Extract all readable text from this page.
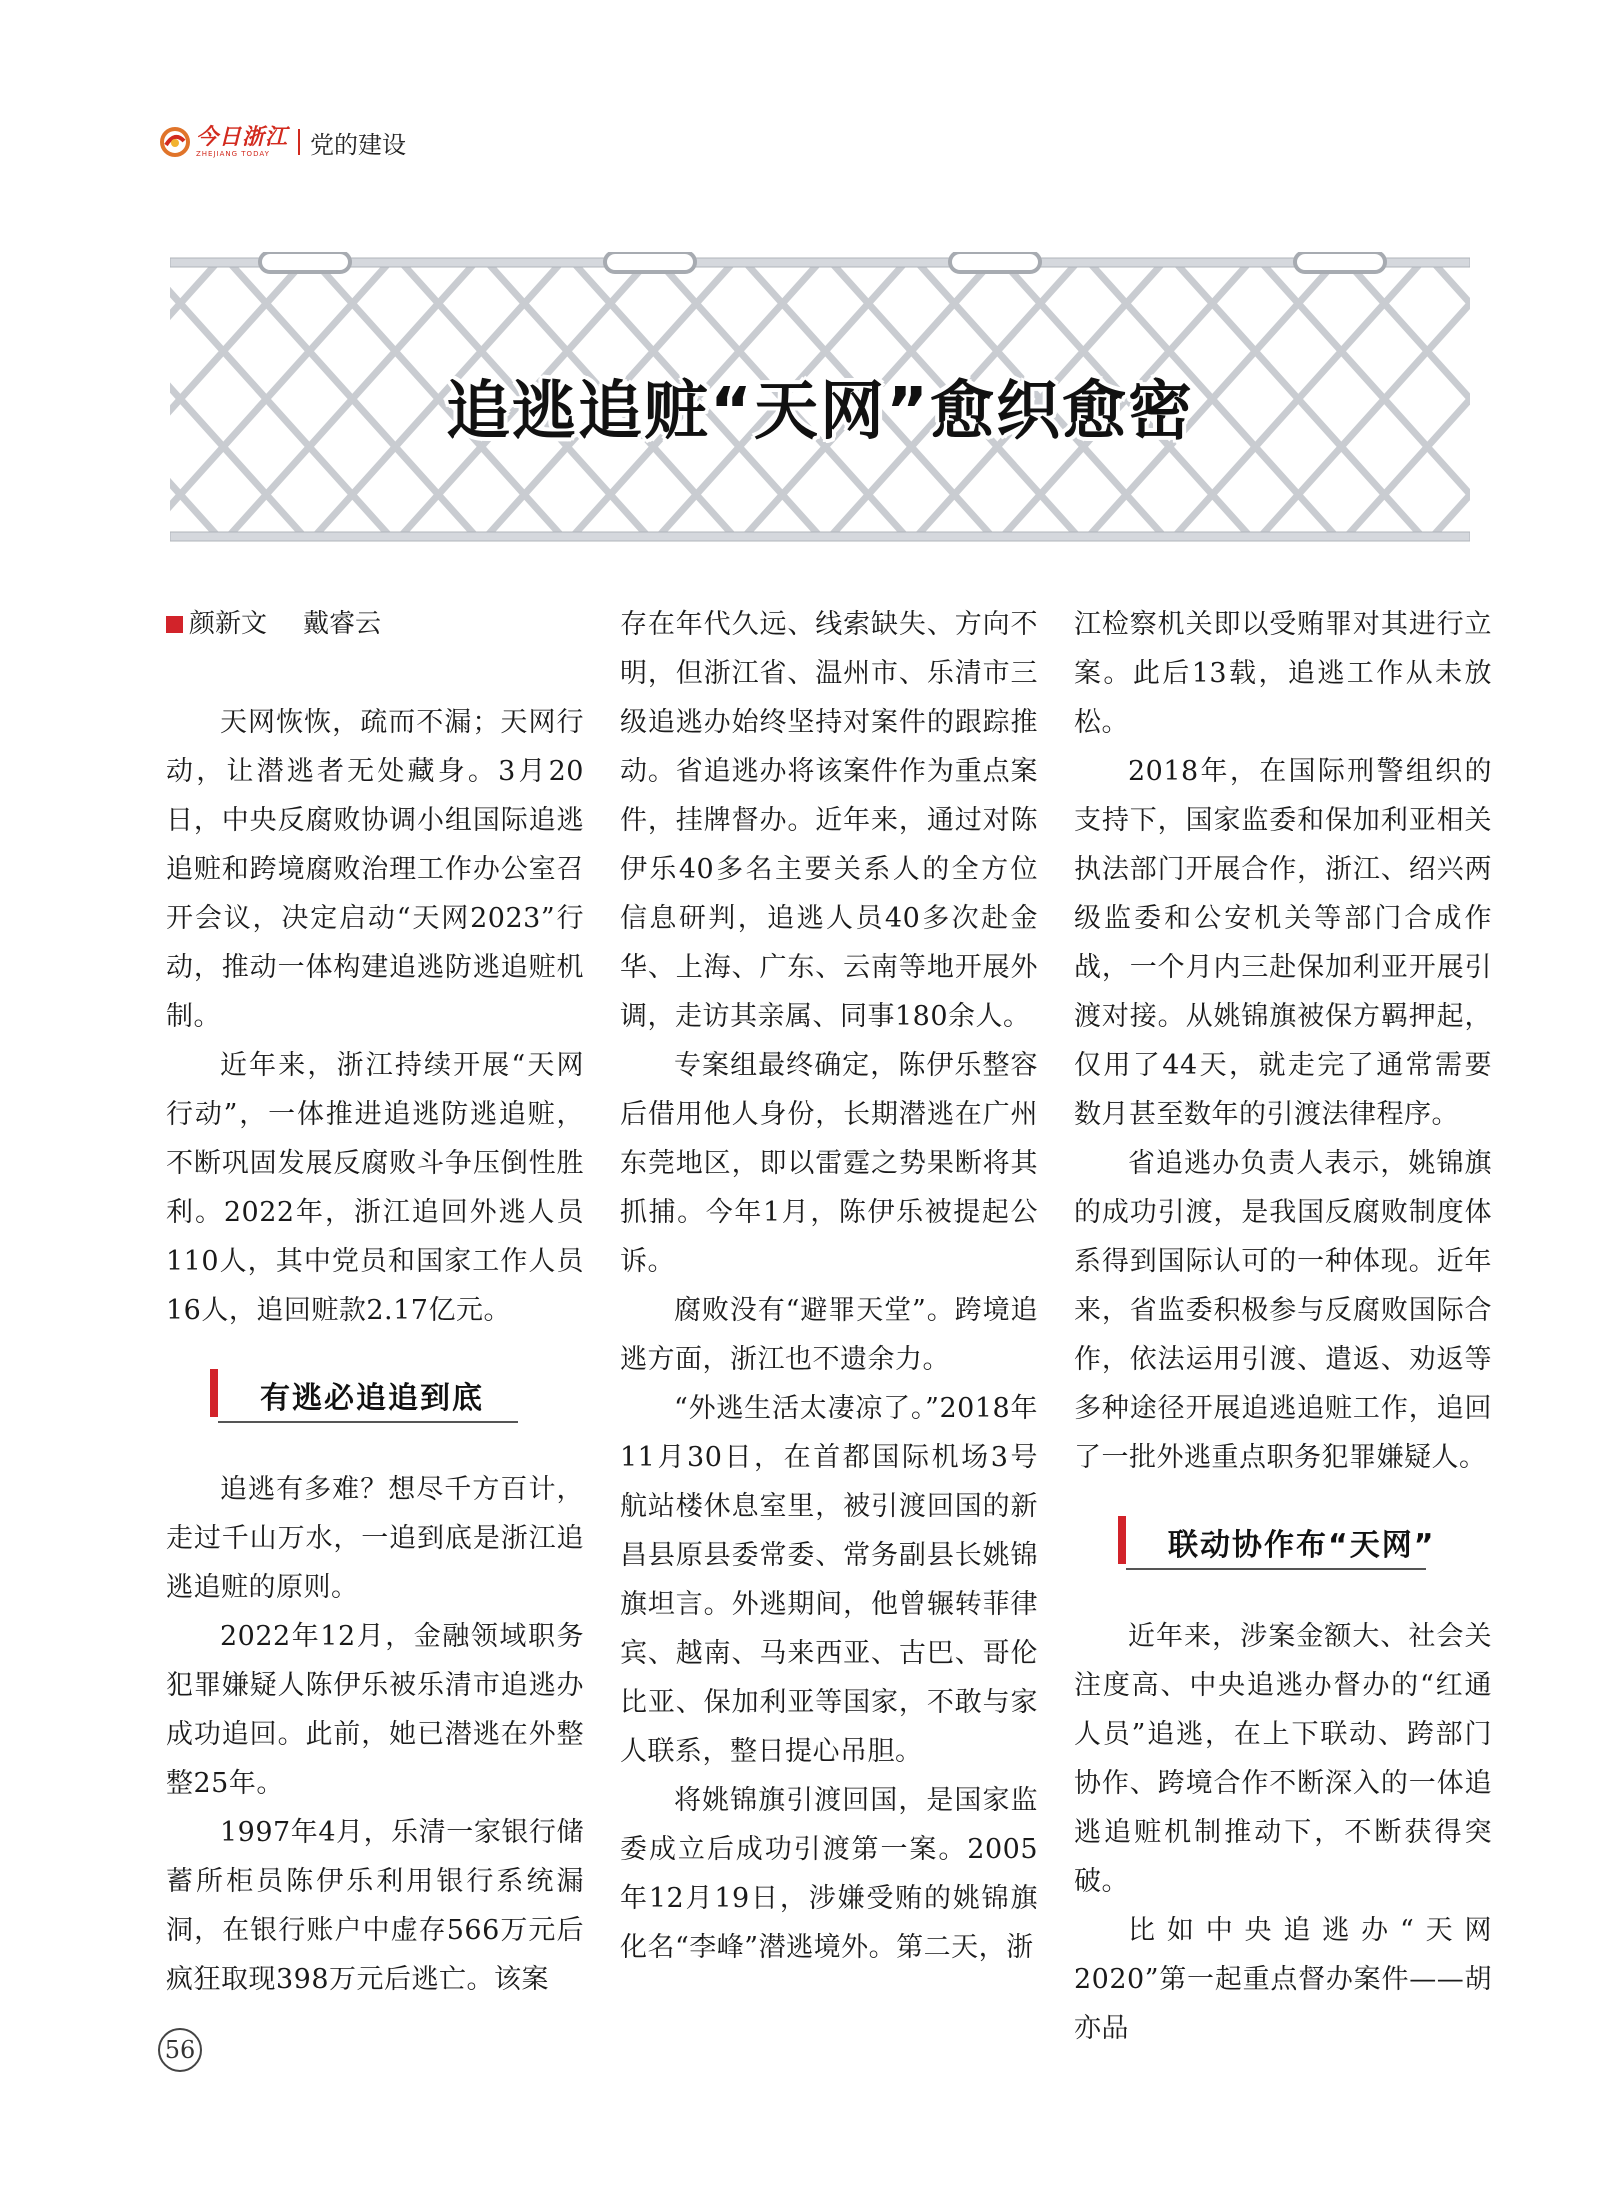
今日浙江
ZHEJIANG TODAY	党的建设
追逃追赃“天网”愈织愈密
颜新文 戴睿云

天网恢恢，疏而不漏；天网行动，让潜逃者无处藏身。3月20日，中央反腐败协调小组国际追逃追赃和跨境腐败治理工作办公室召开会议，决定启动“天网2023”行动，推动一体构建追逃防逃追赃机制。

近年来，浙江持续开展“天网行动”，一体推进追逃防逃追赃，不断巩固发展反腐败斗争压倒性胜利。2022年，浙江追回外逃人员110人，其中党员和国家工作人员16人，追回赃款2.17亿元。

有逃必追追到底

追逃有多难？想尽千方百计，走过千山万水，一追到底是浙江追逃追赃的原则。

2022年12月，金融领域职务犯罪嫌疑人陈伊乐被乐清市追逃办成功追回。此前，她已潜逃在外整整25年。

1997年4月，乐清一家银行储蓄所柜员陈伊乐利用银行系统漏洞，在银行账户中虚存566万元后疯狂取现398万元后逃亡。该案

存在年代久远、线索缺失、方向不明，但浙江省、温州市、乐清市三级追逃办始终坚持对案件的跟踪推动。省追逃办将该案件作为重点案件，挂牌督办。近年来，通过对陈伊乐40多名主要关系人的全方位信息研判，追逃人员40多次赴金华、上海、广东、云南等地开展外调，走访其亲属、同事180余人。

专案组最终确定，陈伊乐整容后借用他人身份，长期潜逃在广州东莞地区，即以雷霆之势果断将其抓捕。今年1月，陈伊乐被提起公诉。

腐败没有“避罪天堂”。跨境追逃方面，浙江也不遗余力。

“外逃生活太凄凉了。”2018年11月30日，在首都国际机场3号航站楼休息室里，被引渡回国的新昌县原县委常委、常务副县长姚锦旗坦言。外逃期间，他曾辗转菲律宾、越南、马来西亚、古巴、哥伦比亚、保加利亚等国家，不敢与家人联系，整日提心吊胆。

将姚锦旗引渡回国，是国家监委成立后成功引渡第一案。2005年12月19日，涉嫌受贿的姚锦旗化名“李峰”潜逃境外。第二天，浙

江检察机关即以受贿罪对其进行立案。此后13载，追逃工作从未放松。

2018年，在国际刑警组织的支持下，国家监委和保加利亚相关执法部门开展合作，浙江、绍兴两级监委和公安机关等部门合成作战，一个月内三赴保加利亚开展引渡对接。从姚锦旗被保方羁押起，仅用了44天，就走完了通常需要数月甚至数年的引渡法律程序。

省追逃办负责人表示，姚锦旗的成功引渡，是我国反腐败制度体系得到国际认可的一种体现。近年来，省监委积极参与反腐败国际合作，依法运用引渡、遣返、劝返等多种途径开展追逃追赃工作，追回了一批外逃重点职务犯罪嫌疑人。

联动协作布“天网”

近年来，涉案金额大、社会关注度高、中央追逃办督办的“红通人员”追逃，在上下联动、跨部门协作、跨境合作不断深入的一体追逃追赃机制推动下，不断获得突破。

比如中央追逃办“天网2020”第一起重点督办案件——胡亦品

56
